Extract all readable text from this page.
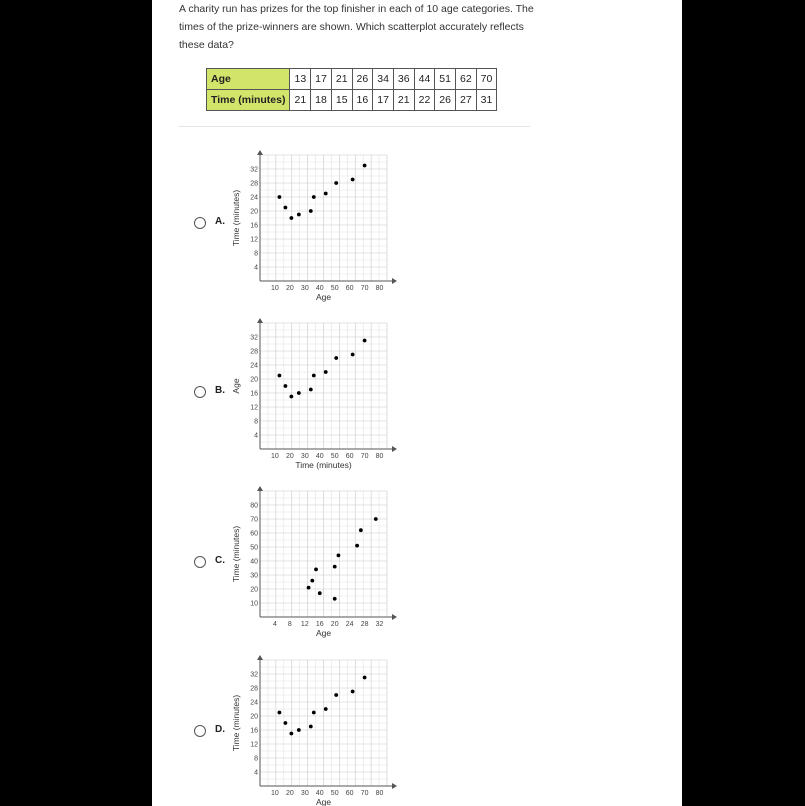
A charity run has prizes for the top finisher in each of 10 age categories. The times of the prize-winners are shown. Which scatterplot accurately reflects these data?

Age	13	17	21	26	34	36	44	51	62	70
Time (minutes)	21	18	15	16	17	21	22	26	27	31
A.
10 20 30 40 50 60 70 80
4
8
12
16
20
24
28
32
Age
Time (minutes)
B.
10 20 30 40 50 60 70 80
4
8
12
16
20
24
28
32
Time (minutes)
Age
C.
4 8 12 16 20 24 28 32
10
20
30
40
50
60
70
80
Age
Time (minutes)
D.
10 20 30 40 50 60 70 80
4
8
12
16
20
24
28
32
Age
Time (minutes)
